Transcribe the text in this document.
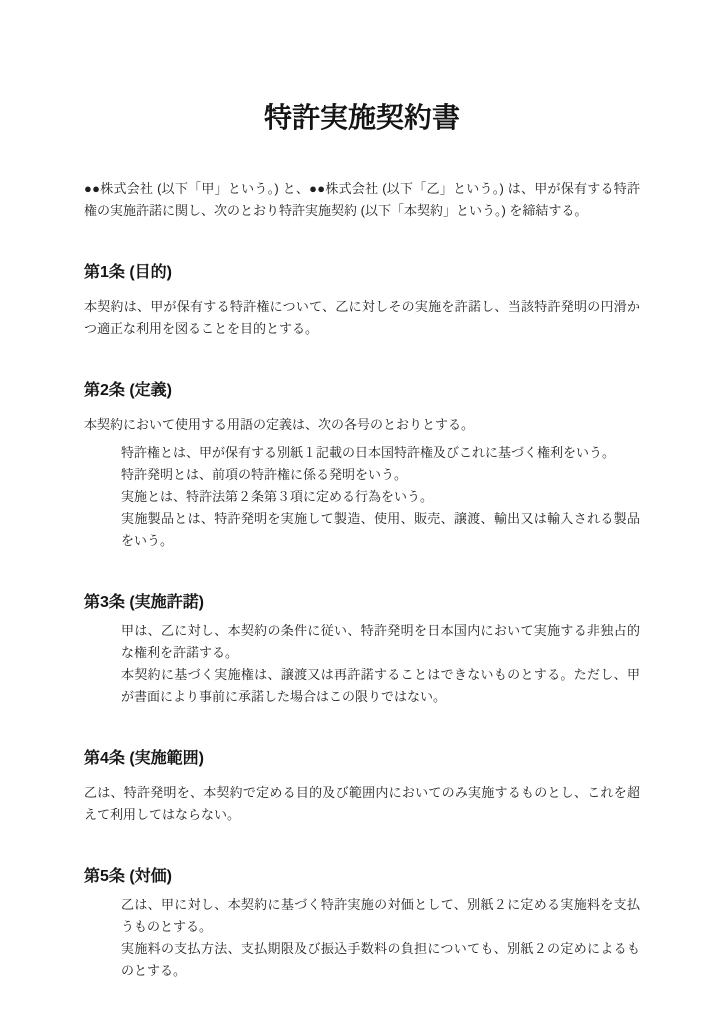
特許実施契約書

●●株式会社 (以下「甲」という。) と、●●株式会社 (以下「乙」という。) は、甲が保有する特許権の実施許諾に関し、次のとおり特許実施契約 (以下「本契約」という。) を締結する。

第1条 (目的)

本契約は、甲が保有する特許権について、乙に対しその実施を許諾し、当該特許発明の円滑かつ適正な利用を図ることを目的とする。

第2条 (定義)

本契約において使用する用語の定義は、次の各号のとおりとする。

特許権とは、甲が保有する別紙１記載の日本国特許権及びこれに基づく権利をいう。
特許発明とは、前項の特許権に係る発明をいう。
実施とは、特許法第２条第３項に定める行為をいう。
実施製品とは、特許発明を実施して製造、使用、販売、譲渡、輸出又は輸入される製品をいう。
第3条 (実施許諾)
甲は、乙に対し、本契約の条件に従い、特許発明を日本国内において実施する非独占的な権利を許諾する。
本契約に基づく実施権は、譲渡又は再許諾することはできないものとする。ただし、甲が書面により事前に承諾した場合はこの限りではない。
第4条 (実施範囲)

乙は、特許発明を、本契約で定める目的及び範囲内においてのみ実施するものとし、これを超えて利用してはならない。

第5条 (対価)
乙は、甲に対し、本契約に基づく特許実施の対価として、別紙２に定める実施料を支払うものとする。
実施料の支払方法、支払期限及び振込手数料の負担についても、別紙２の定めによるものとする。
